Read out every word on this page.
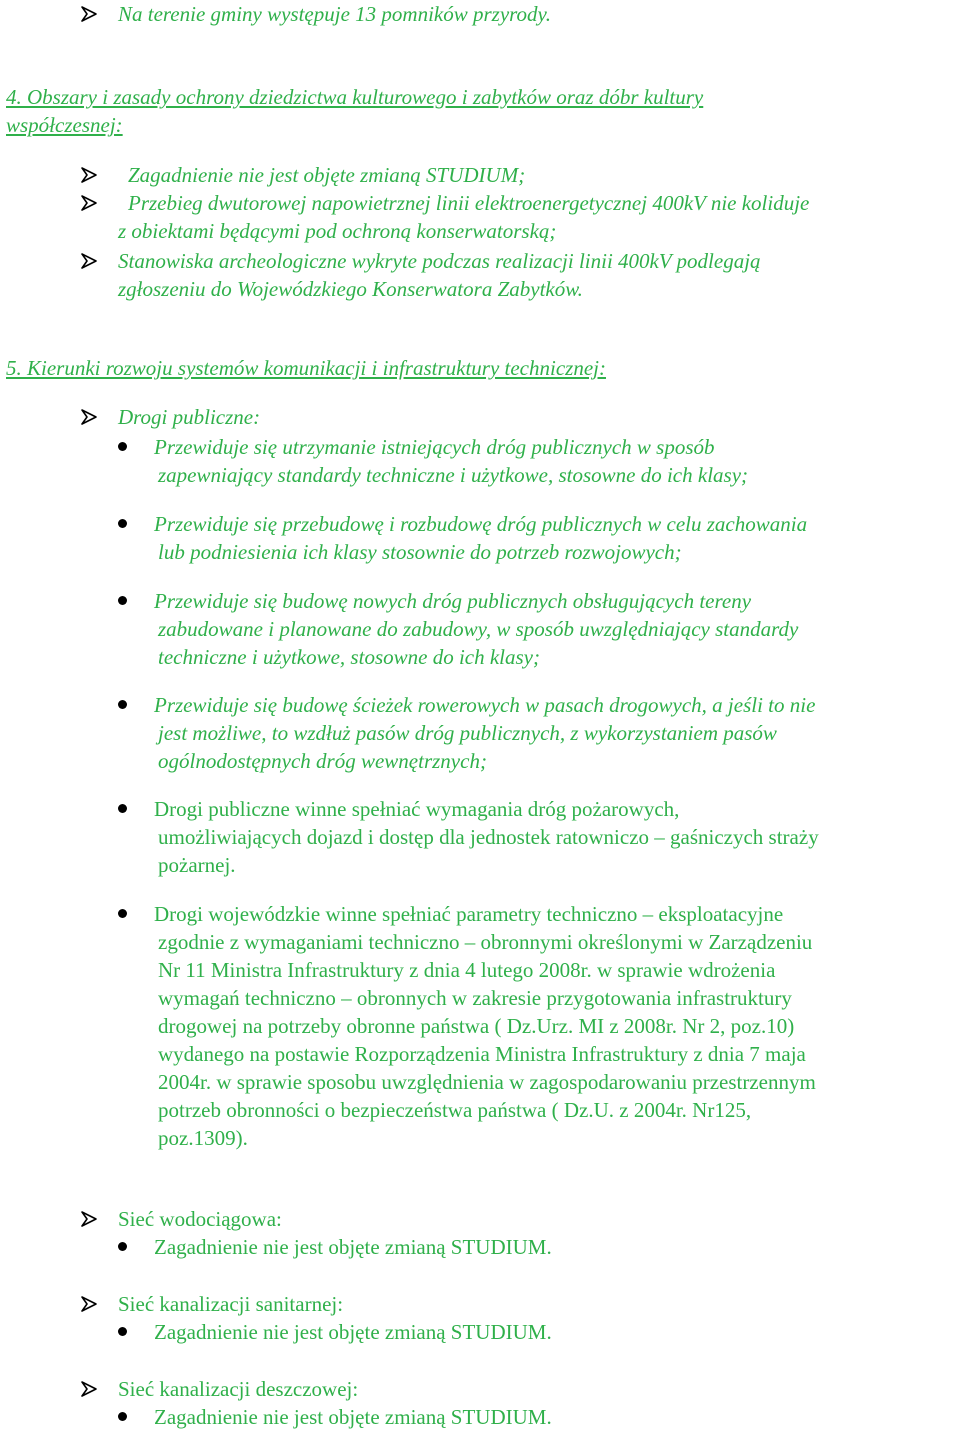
Na terenie gminy występuje 13 pomników przyrody.
4. Obszary i zasady ochrony dziedzictwa kulturowego i zabytków oraz dóbr kultury
współczesnej:
Zagadnienie nie jest objęte zmianą STUDIUM;
Przebieg dwutorowej napowietrznej linii elektroenergetycznej 400kV nie koliduje
z obiektami będącymi pod ochroną konserwatorską;
Stanowiska archeologiczne wykryte podczas realizacji linii 400kV podlegają
zgłoszeniu do Wojewódzkiego Konserwatora Zabytków.
5. Kierunki rozwoju systemów komunikacji i infrastruktury technicznej:
Drogi publiczne:
Przewiduje się utrzymanie istniejących dróg publicznych w sposób
zapewniający standardy techniczne i użytkowe, stosowne do ich klasy;
Przewiduje się przebudowę i rozbudowę dróg publicznych w celu zachowania
lub podniesienia ich klasy stosownie do potrzeb rozwojowych;
Przewiduje się budowę nowych dróg publicznych obsługujących tereny
zabudowane i planowane do zabudowy, w sposób uwzględniający standardy
techniczne i użytkowe, stosowne do ich klasy;
Przewiduje się budowę ścieżek rowerowych w pasach drogowych, a jeśli to nie
jest możliwe, to wzdłuż pasów dróg publicznych, z wykorzystaniem pasów
ogólnodostępnych dróg wewnętrznych;
Drogi publiczne winne spełniać wymagania dróg pożarowych,
umożliwiających dojazd i dostęp dla jednostek ratowniczo – gaśniczych straży
pożarnej.
Drogi wojewódzkie winne spełniać parametry techniczno – eksploatacyjne
zgodnie z wymaganiami techniczno – obronnymi określonymi w Zarządzeniu
Nr 11 Ministra Infrastruktury z dnia 4 lutego 2008r. w sprawie wdrożenia
wymagań techniczno – obronnych w zakresie przygotowania infrastruktury
drogowej na potrzeby obronne państwa ( Dz.Urz. MI z 2008r. Nr 2, poz.10)
wydanego na postawie Rozporządzenia Ministra Infrastruktury z dnia 7 maja
2004r. w sprawie sposobu uwzględnienia w zagospodarowaniu przestrzennym
potrzeb obronności o bezpieczeństwa państwa ( Dz.U. z 2004r. Nr125,
poz.1309).
Sieć wodociągowa:
Zagadnienie nie jest objęte zmianą STUDIUM.
Sieć kanalizacji sanitarnej:
Zagadnienie nie jest objęte zmianą STUDIUM.
Sieć kanalizacji deszczowej:
Zagadnienie nie jest objęte zmianą STUDIUM.
